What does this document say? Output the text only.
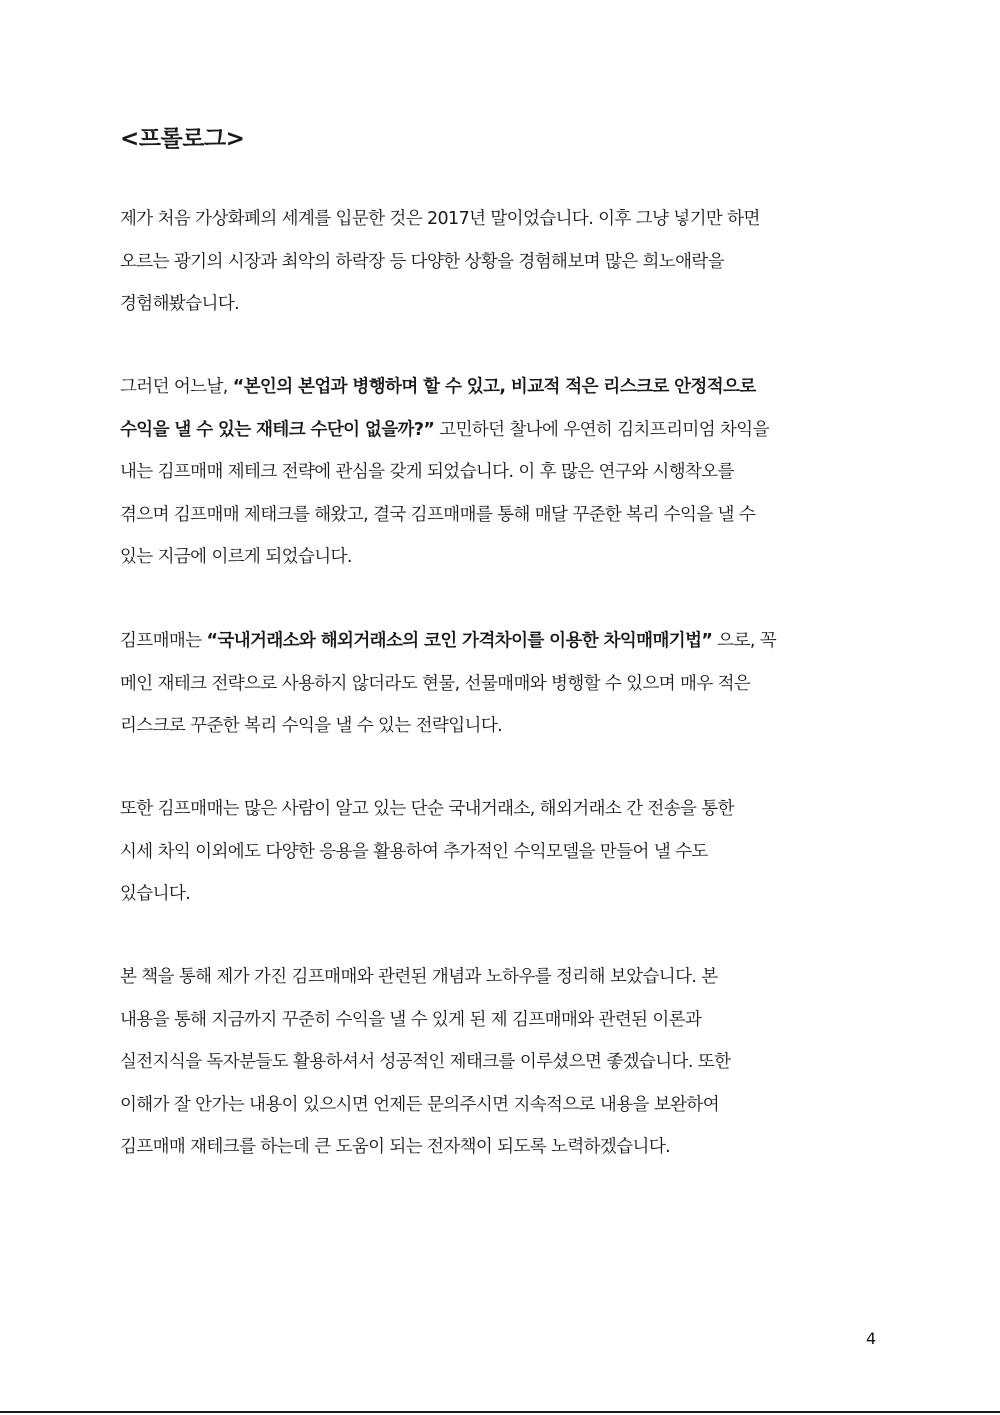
<프롤로그>

제가 처음 가상화폐의 세계를 입문한 것은 2017년 말이었습니다. 이후 그냥 넣기만 하면
오르는 광기의 시장과 최악의 하락장 등 다양한 상황을 경험해보며 많은 희노애락을
경험해봤습니다.

그러던 어느날, “본인의 본업과 병행하며 할 수 있고, 비교적 적은 리스크로 안정적으로
수익을 낼 수 있는 재테크 수단이 없을까?” 고민하던 찰나에 우연히 김치프리미엄 차익을
내는 김프매매 제테크 전략에 관심을 갖게 되었습니다. 이 후 많은 연구와 시행착오를
겪으며 김프매매 제태크를 해왔고, 결국 김프매매를 통해 매달 꾸준한 복리 수익을 낼 수
있는 지금에 이르게 되었습니다.

김프매매는 “국내거래소와 해외거래소의 코인 가격차이를 이용한 차익매매기법” 으로, 꼭
메인 재테크 전략으로 사용하지 않더라도 현물, 선물매매와 병행할 수 있으며 매우 적은
리스크로 꾸준한 복리 수익을 낼 수 있는 전략입니다.

또한 김프매매는 많은 사람이 알고 있는 단순 국내거래소, 해외거래소 간 전송을 통한
시세 차익 이외에도 다양한 응용을 활용하여 추가적인 수익모델을 만들어 낼 수도
있습니다.

본 책을 통해 제가 가진 김프매매와 관련된 개념과 노하우를 정리해 보았습니다. 본
내용을 통해 지금까지 꾸준히 수익을 낼 수 있게 된 제 김프매매와 관련된 이론과
실전지식을 독자분들도 활용하셔서 성공적인 제태크를 이루셨으면 좋겠습니다. 또한
이해가 잘 안가는 내용이 있으시면 언제든 문의주시면 지속적으로 내용을 보완하여
김프매매 재테크를 하는데 큰 도움이 되는 전자책이 되도록 노력하겠습니다.

4
